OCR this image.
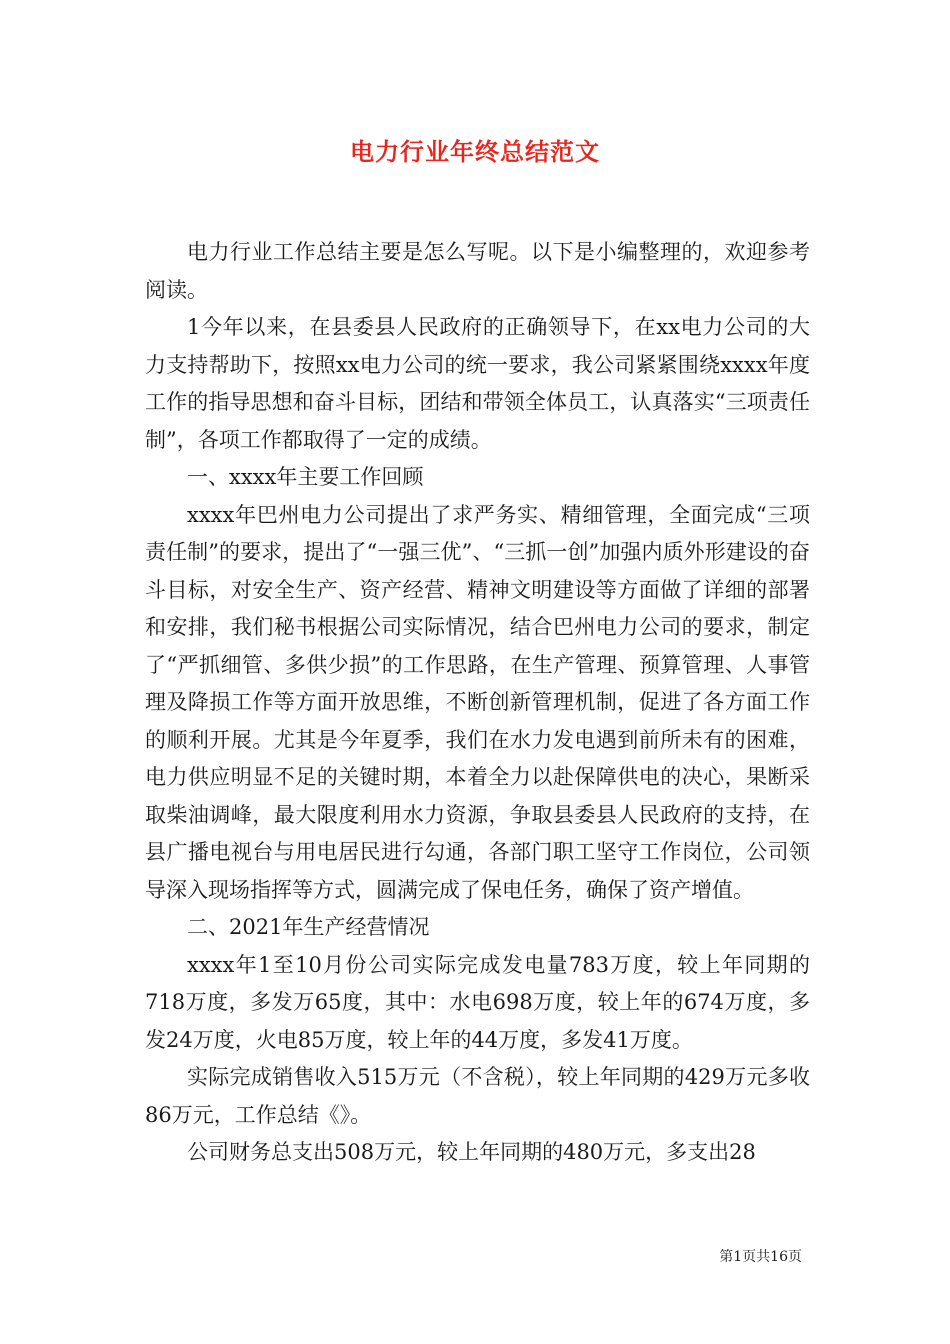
电力行业年终总结范文

电力行业工作总结主要是怎么写呢。以下是小编整理的，欢迎参考阅读。

1今年以来，在县委县人民政府的正确领导下，在xx电力公司的大力支持帮助下，按照xx电力公司的统一要求，我公司紧紧围绕xxxx年度工作的指导思想和奋斗目标，团结和带领全体员工，认真落实“三项责任制”，各项工作都取得了一定的成绩。

一、xxxx年主要工作回顾

xxxx年巴州电力公司提出了求严务实、精细管理，全面完成“三项责任制”的要求，提出了“一强三优”、“三抓一创”加强内质外形建设的奋斗目标，对安全生产、资产经营、精神文明建设等方面做了详细的部署和安排，我们秘书根据公司实际情况，结合巴州电力公司的要求，制定了“严抓细管、多供少损”的工作思路，在生产管理、预算管理、人事管理及降损工作等方面开放思维，不断创新管理机制，促进了各方面工作的顺利开展。尤其是今年夏季，我们在水力发电遇到前所未有的困难，电力供应明显不足的关键时期，本着全力以赴保障供电的决心，果断采取柴油调峰，最大限度利用水力资源，争取县委县人民政府的支持，在县广播电视台与用电居民进行勾通，各部门职工坚守工作岗位，公司领导深入现场指挥等方式，圆满完成了保电任务，确保了资产增值。

二、2021年生产经营情况

xxxx年1至10月份公司实际完成发电量783万度，较上年同期的718万度，多发万65度，其中：水电698万度，较上年的674万度，多发24万度，火电85万度，较上年的44万度，多发41万度。

实际完成销售收入515万元（不含税），较上年同期的429万元多收86万元，工作总结《》。

公司财务总支出508万元，较上年同期的480万元，多支出28

第1页共16页
